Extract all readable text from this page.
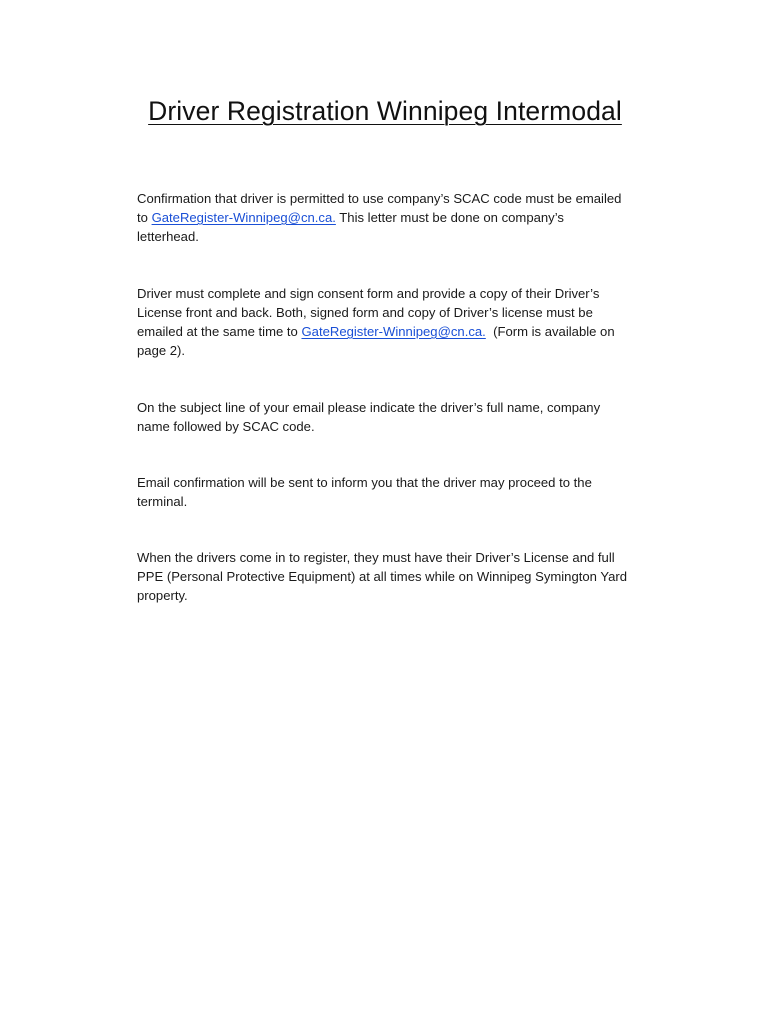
Driver Registration Winnipeg Intermodal
Confirmation that driver is permitted to use company’s SCAC code must be emailed
to GateRegister-Winnipeg@cn.ca. This letter must be done on company’s
letterhead.
Driver must complete and sign consent form and provide a copy of their Driver’s
License front and back. Both, signed form and copy of Driver’s license must be
emailed at the same time to GateRegister-Winnipeg@cn.ca.  (Form is available on
page 2).
On the subject line of your email please indicate the driver’s full name, company
name followed by SCAC code.
Email confirmation will be sent to inform you that the driver may proceed to the
terminal.
When the drivers come in to register, they must have their Driver’s License and full
PPE (Personal Protective Equipment) at all times while on Winnipeg Symington Yard
property.
